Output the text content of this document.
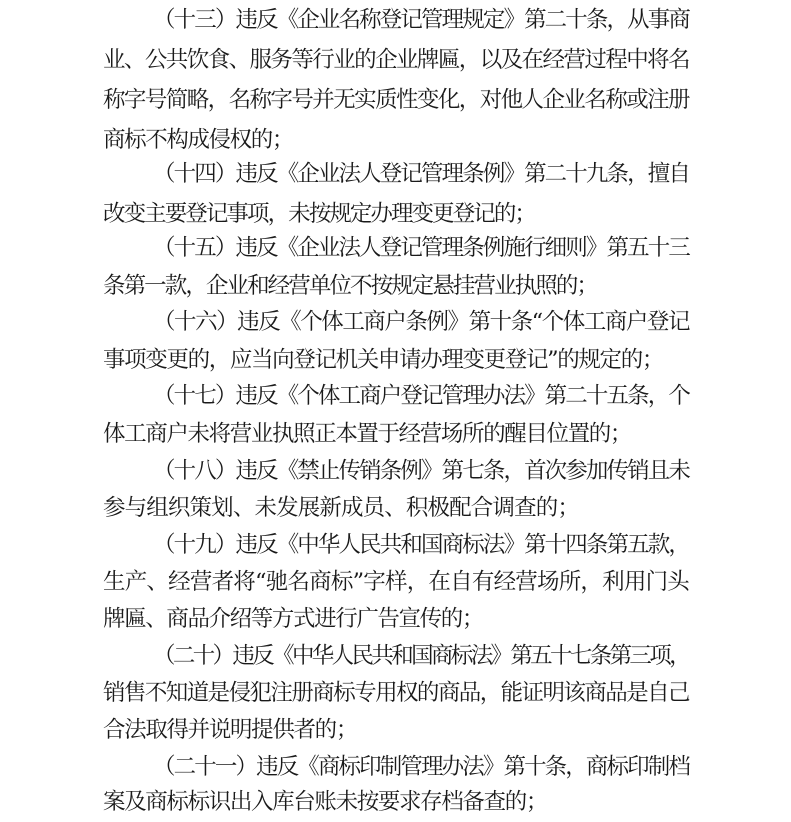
（十三）违反《企业名称登记管理规定》第二十条，从事商
业、公共饮食、服务等行业的企业牌匾，以及在经营过程中将名
称字号简略，名称字号并无实质性变化，对他人企业名称或注册
商标不构成侵权的；
（十四）违反《企业法人登记管理条例》第二十九条，擅自
改变主要登记事项，未按规定办理变更登记的；
（十五）违反《企业法人登记管理条例施行细则》第五十三
条第一款，企业和经营单位不按规定悬挂营业执照的；
（十六）违反《个体工商户条例》第十条“个体工商户登记
事项变更的，应当向登记机关申请办理变更登记”的规定的；
（十七）违反《个体工商户登记管理办法》第二十五条，个
体工商户未将营业执照正本置于经营场所的醒目位置的；
（十八）违反《禁止传销条例》第七条，首次参加传销且未
参与组织策划、未发展新成员、积极配合调查的；
（十九）违反《中华人民共和国商标法》第十四条第五款，
生产、经营者将“驰名商标”字样，在自有经营场所，利用门头
牌匾、商品介绍等方式进行广告宣传的；
（二十）违反《中华人民共和国商标法》第五十七条第三项，
销售不知道是侵犯注册商标专用权的商品，能证明该商品是自己
合法取得并说明提供者的；
（二十一）违反《商标印制管理办法》第十条，商标印制档
案及商标标识出入库台账未按要求存档备查的；
